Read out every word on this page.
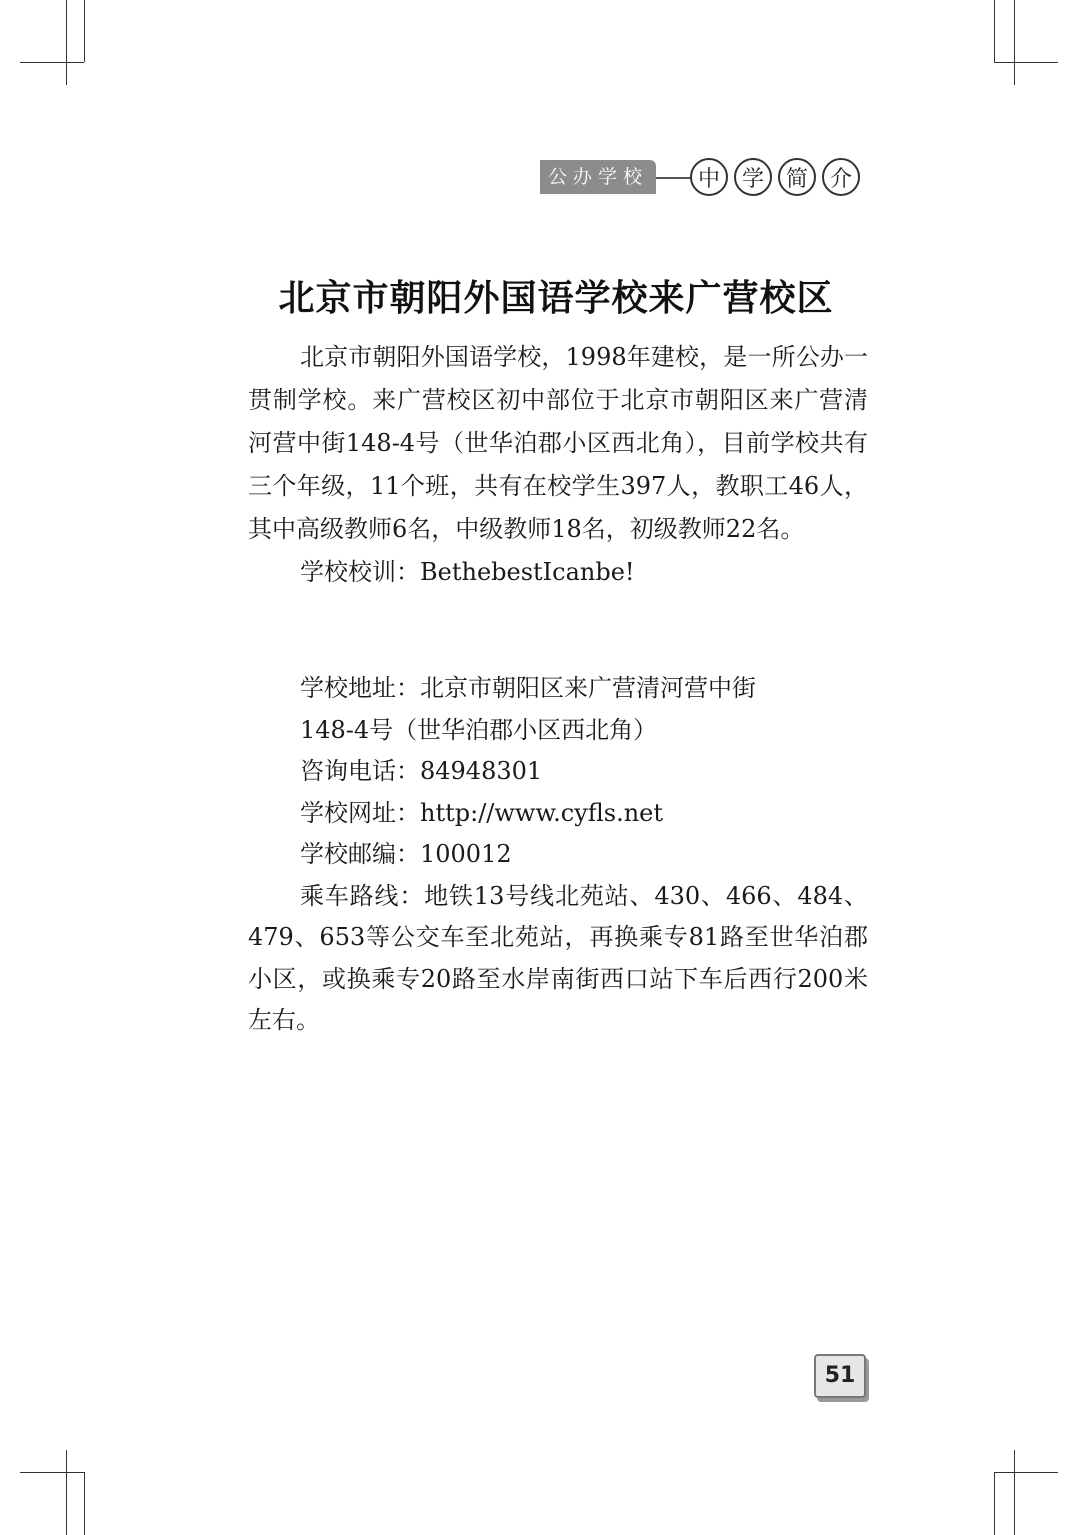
公办学校	中 学 简 介
北京市朝阳外国语学校来广营校区

北京市朝阳外国语学校，1998年建校，是一所公办一贯制学校。来广营校区初中部位于北京市朝阳区来广营清河营中街148-4号（世华泊郡小区西北角），目前学校共有三个年级，11个班，共有在校学生397人，教职工46人，其中高级教师6名，中级教师18名，初级教师22名。

学校校训：BethebestIcanbe!
学校地址：北京市朝阳区来广营清河营中街
148-4号（世华泊郡小区西北角）
咨询电话：84948301
学校网址：http://www.cyfls.net
学校邮编：100012
乘车路线：地铁13号线北苑站、430、466、484、479、653等公交车至北苑站，再换乘专81路至世华泊郡小区，或换乘专20路至水岸南街西口站下车后西行200米左右。
51
